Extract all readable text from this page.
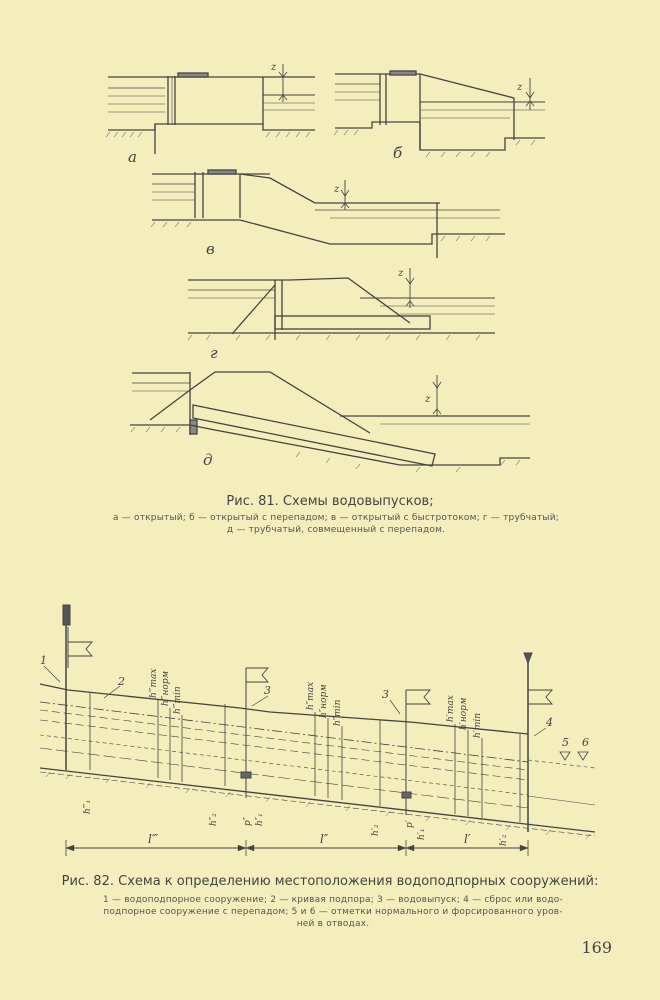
а	б
в
г
д
z
z
z
z
z
Рис. 81. Схемы водовыпусков;
а — открытый; б — открытый с перепадом; в — открытый с быстротоком; г — трубчатый;
д — трубчатый, совмещенный с перепадом.
1
2
3	3
4
5 6
h‴max h‴норм h‴min	h″max h″норм h″min	h′max h′норм h′min
h‴₁
h″₂	p″ h″₁
h′₂
p′
h′₁
h′₂
l‴	l″	l′
Рис. 82. Схема к определению местоположения водоподпорных сооружений:
1 — водоподпорное сооружение; 2 — кривая подпора; 3 — водовыпуск; 4 — сброс или водо-
подпорное сооружение с перепадом; 5 и 6 — отметки нормального и форсированного уров-
ней в отводах.
169
